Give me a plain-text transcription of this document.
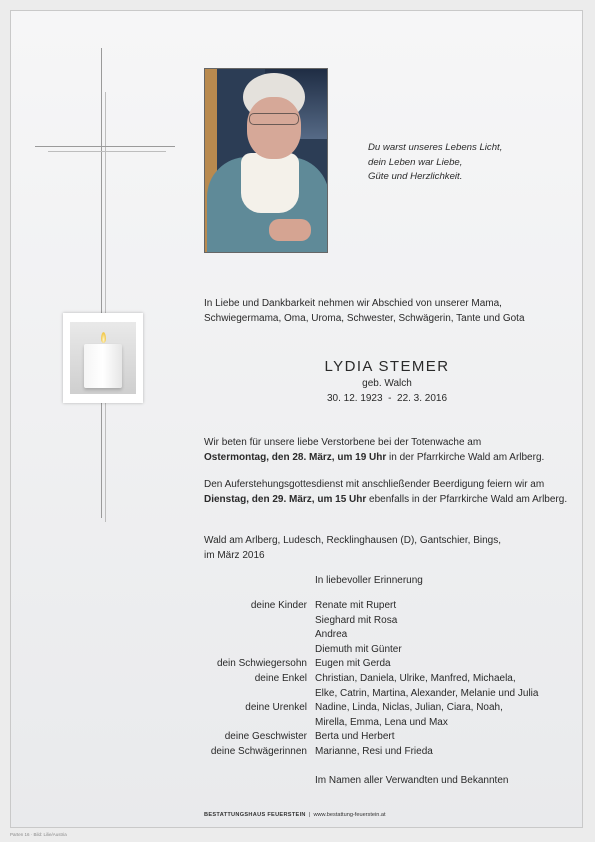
Du warst unseres Lebens Licht,
dein Leben war Liebe,
Güte und Herzlichkeit.
In Liebe und Dankbarkeit nehmen wir Abschied von unserer Mama,
Schwiegermama, Oma, Uroma, Schwester, Schwägerin, Tante und Gota
LYDIA STEMER
geb. Walch
30. 12. 1923  -  22. 3. 2016

Wir beten für unsere liebe Verstorbene bei der Totenwache am
Ostermontag, den 28. März, um 19 Uhr in der Pfarrkirche Wald am Arlberg.

Den Auferstehungsgottesdienst mit anschließender Beerdigung feiern wir am
Dienstag, den 29. März, um 15 Uhr ebenfalls in der Pfarrkirche Wald am Arlberg.

Wald am Arlberg, Ludesch, Recklinghausen (D), Gantschier, Bings,
im März 2016
In liebevoller Erinnerung
deine Kinder Renate mit Rupert
Sieghard mit Rosa
Andrea
Diemuth mit Günter
dein Schwiegersohn Eugen mit Gerda
deine Enkel Christian, Daniela, Ulrike, Manfred, Michaela,
Elke, Catrin, Martina, Alexander, Melanie und Julia
deine Urenkel Nadine, Linda, Niclas, Julian, Ciara, Noah,
Mirella, Emma, Lena und Max
deine Geschwister Berta und Herbert
deine Schwägerinnen Marianne, Resi und Frieda
Im Namen aller Verwandten und Bekannten
BESTATTUNGSHAUS FEUERSTEIN | www.bestattung-feuerstein.at
Parten 16 · Bild: Lilie/Austria
